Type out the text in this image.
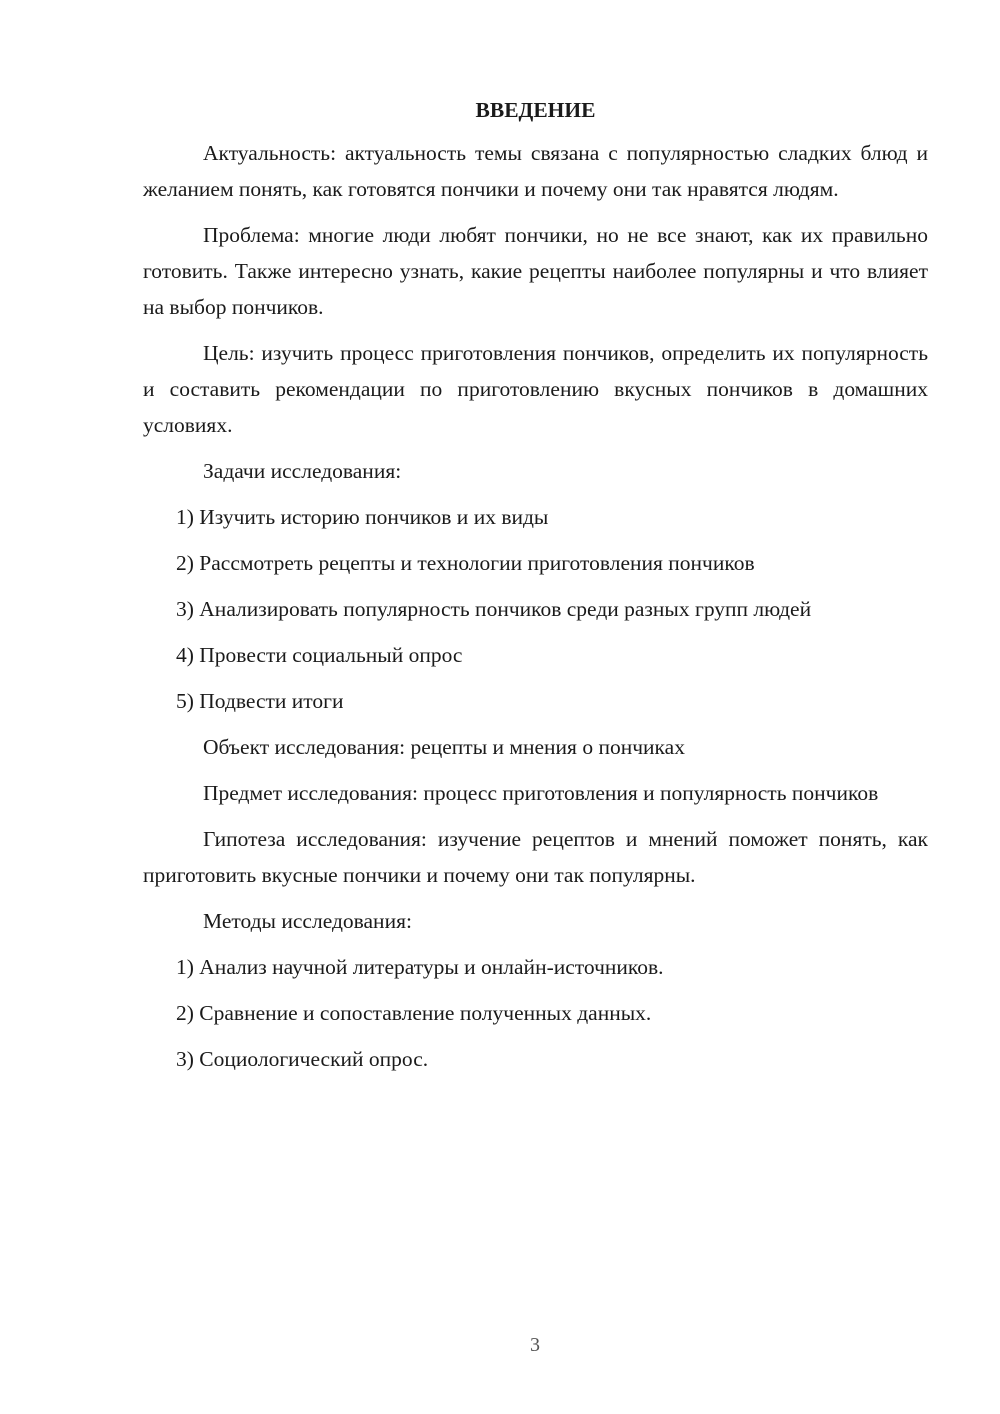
ВВЕДЕНИЕ

Актуальность: актуальность темы связана с популярностью сладких блюд и желанием понять, как готовятся пончики и почему они так нравятся людям.

Проблема: многие люди любят пончики, но не все знают, как их правильно готовить. Также интересно узнать, какие рецепты наиболее популярны и что влияет на выбор пончиков.

Цель: изучить процесс приготовления пончиков, определить их популярность и составить рекомендации по приготовлению вкусных пончиков в домашних условиях.

Задачи исследования:

1) Изучить историю пончиков и их виды
2) Рассмотреть рецепты и технологии приготовления пончиков
3) Анализировать популярность пончиков среди разных групп людей
4) Провести социальный опрос
5) Подвести итоги

Объект исследования: рецепты и мнения о пончиках

Предмет исследования: процесс приготовления и популярность пончиков

Гипотеза исследования: изучение рецептов и мнений поможет понять, как приготовить вкусные пончики и почему они так популярны.

Методы исследования:

1) Анализ научной литературы и онлайн-источников.
2) Сравнение и сопоставление полученных данных.
3) Социологический опрос.
3
